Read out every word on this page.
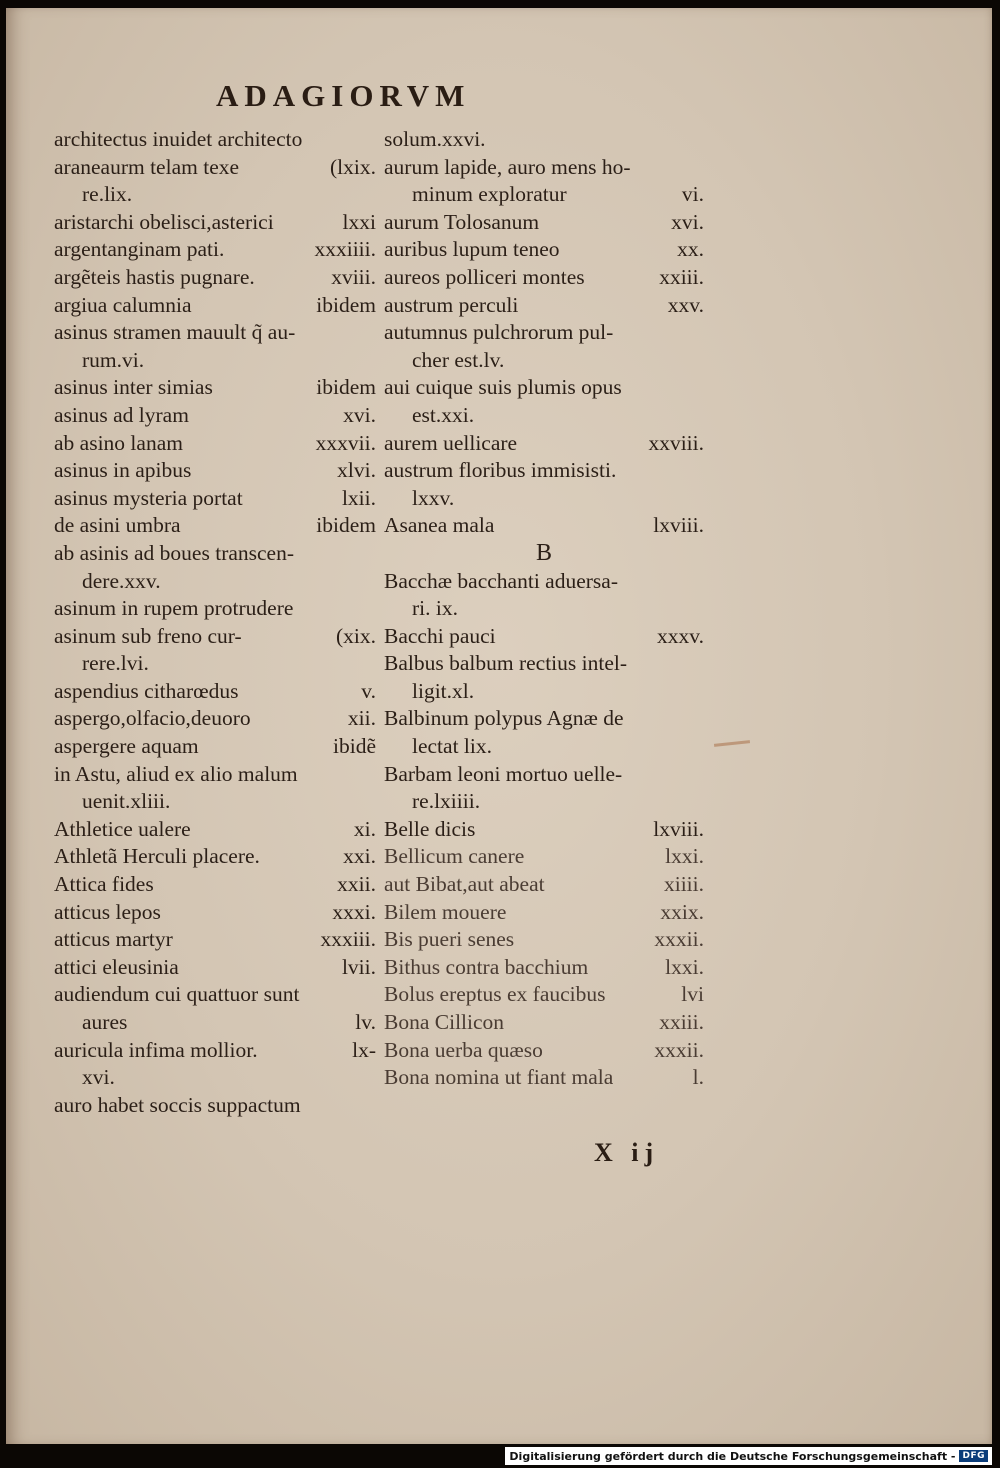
ADAGIORVM
architectus inuidet architecto
araneaurm telam texe	(lxix.
re.lix.
aristarchi obelisci,asterici	lxxi
argentanginam pati.	xxxiiii.
argẽteis hastis pugnare.	xviii.
argiua calumnia	ibidem
asinus stramen mauult q̃ au-
rum.vi.
asinus inter simias	ibidem
asinus ad lyram	xvi.
ab asino lanam	xxxvii.
asinus in apibus	xlvi.
asinus mysteria portat	lxii.
de asini umbra	ibidem
ab asinis ad boues transcen-
dere.xxv.
asinum in rupem protrudere
asinum sub freno cur-	(xix.
rere.lvi.
aspendius citharœdus	v.
aspergo,olfacio,deuoro	xii.
aspergere aquam	ibidẽ
in Astu, aliud ex alio malum
uenit.xliii.
Athletice ualere	xi.
Athletã Herculi placere.	xxi.
Attica fides	xxii.
atticus lepos	xxxi.
atticus martyr	xxxiii.
attici eleusinia	lvii.
audiendum cui quattuor sunt
aures	lv.
auricula infima mollior.	lx-
xvi.
auro habet soccis suppactum
solum.xxvi.
aurum lapide, auro mens ho-
minum exploratur	vi.
aurum Tolosanum	xvi.
auribus lupum teneo	xx.
aureos polliceri montes	xxiii.
austrum perculi	xxv.
autumnus pulchrorum pul-
cher est.lv.
aui cuique suis plumis opus
est.xxi.
aurem uellicare	xxviii.
austrum floribus immisisti.
lxxv.
Asanea mala	lxviii.
B
Bacchæ bacchanti aduersa-
ri. ix.
Bacchi pauci	xxxv.
Balbus balbum rectius intel-
ligit.xl.
Balbinum polypus Agnæ de
lectat lix.
Barbam leoni mortuo uelle-
re.lxiiii.
Belle dicis	lxviii.
Bellicum canere	lxxi.
aut Bibat,aut abeat	xiiii.
Bilem mouere	xxix.
Bis pueri senes	xxxii.
Bithus contra bacchium	lxxi.
Bolus ereptus ex faucibus	lvi
Bona Cillicon	xxiii.
Bona uerba quæso	xxxii.
Bona nomina ut fiant mala	l.
X ij
Digitalisierung gefördert durch die Deutsche Forschungsgemeinschaft - DFG
